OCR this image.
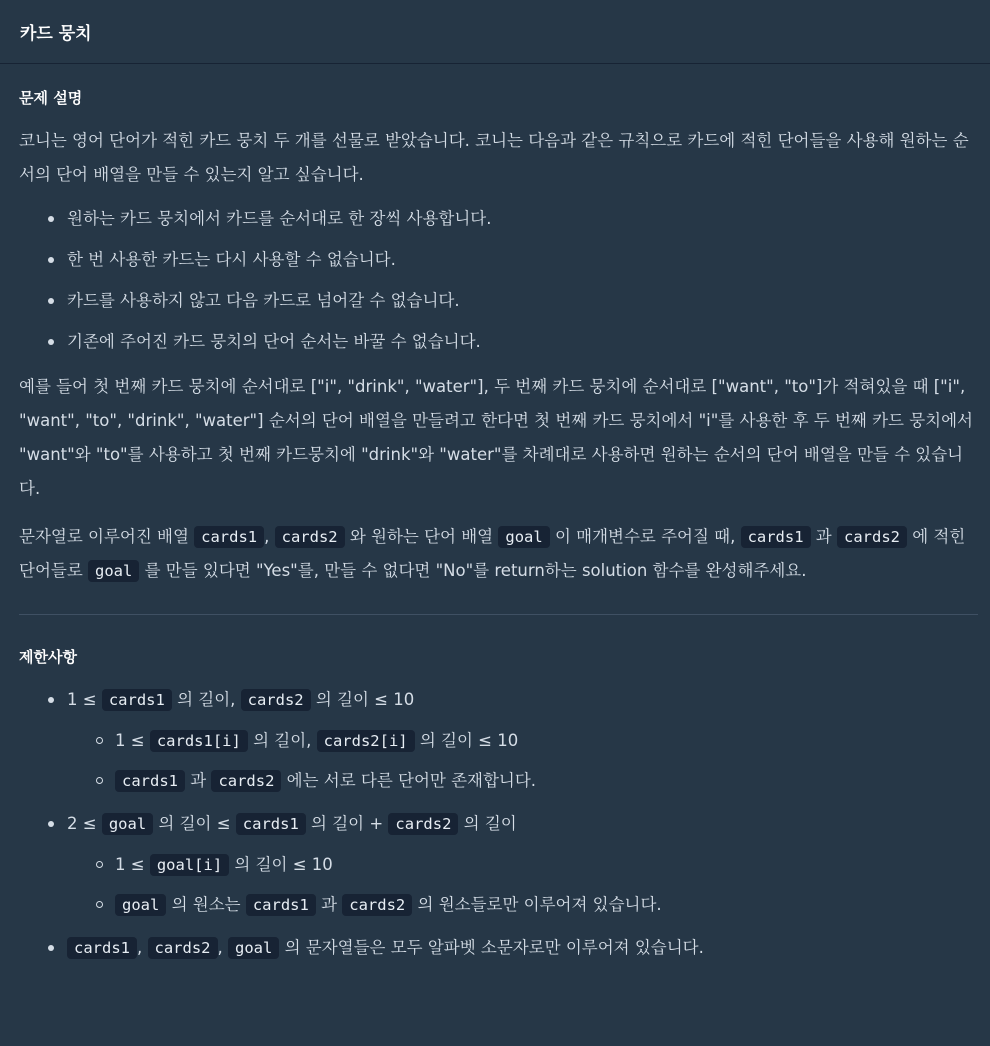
카드 뭉치
문제 설명

코니는 영어 단어가 적힌 카드 뭉치 두 개를 선물로 받았습니다. 코니는 다음과 같은 규칙으로 카드에 적힌 단어들을 사용해 원하는 순서의 단어 배열을 만들 수 있는지 알고 싶습니다.

원하는 카드 뭉치에서 카드를 순서대로 한 장씩 사용합니다.
한 번 사용한 카드는 다시 사용할 수 없습니다.
카드를 사용하지 않고 다음 카드로 넘어갈 수 없습니다.
기존에 주어진 카드 뭉치의 단어 순서는 바꿀 수 없습니다.

예를 들어 첫 번째 카드 뭉치에 순서대로 ["i", "drink", "water"], 두 번째 카드 뭉치에 순서대로 ["want", "to"]가 적혀있을 때 ["i", "want", "to", "drink", "water"] 순서의 단어 배열을 만들려고 한다면 첫 번째 카드 뭉치에서 "i"를 사용한 후 두 번째 카드 뭉치에서 "want"와 "to"를 사용하고 첫 번째 카드뭉치에 "drink"와 "water"를 차례대로 사용하면 원하는 순서의 단어 배열을 만들 수 있습니다.

문자열로 이루어진 배열 cards1 , cards2 와 원하는 단어 배열 goal 이 매개변수로 주어질 때, cards1 과 cards2 에 적힌 단어들로 goal 를 만들 있다면 "Yes"를, 만들 수 없다면 "No"를 return하는 solution 함수를 완성해주세요.

제한사항
1 ≤ cards1 의 길이, cards2 의 길이 ≤ 10
1 ≤ cards1[i] 의 길이, cards2[i] 의 길이 ≤ 10
cards1 과 cards2 에는 서로 다른 단어만 존재합니다.
2 ≤ goal 의 길이 ≤ cards1 의 길이 + cards2 의 길이
1 ≤ goal[i] 의 길이 ≤ 10
goal 의 원소는 cards1 과 cards2 의 원소들로만 이루어져 있습니다.
cards1 , cards2 , goal 의 문자열들은 모두 알파벳 소문자로만 이루어져 있습니다.
